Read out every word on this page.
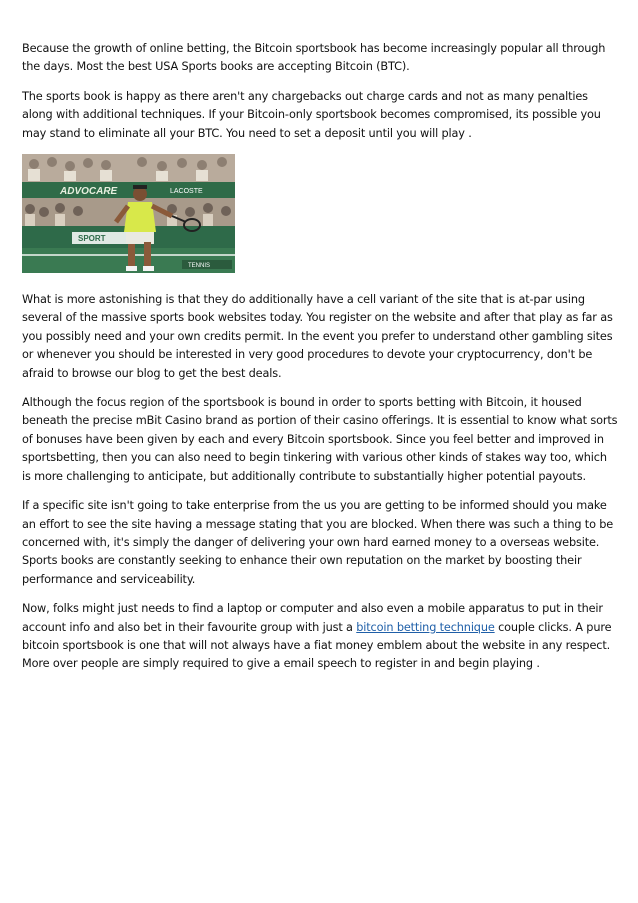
Because the growth of online betting, the Bitcoin sportsbook has become increasingly popular all through the days. Most the best USA Sports books are accepting Bitcoin (BTC).

The sports book is happy as there aren't any chargebacks out charge cards and not as many penalties along with additional techniques. If your Bitcoin-only sportsbook becomes compromised, its possible you may stand to eliminate all your BTC. You need to set a deposit until you will play .

ADVOCARE	LACOSTE
SPORT
TENNIS

What is more astonishing is that they do additionally have a cell variant of the site that is at-par using several of the massive sports book websites today. You register on the website and after that play as far as you possibly need and your own credits permit. In the event you prefer to understand other gambling sites or whenever you should be interested in very good procedures to devote your cryptocurrency, don't be afraid to browse our blog to get the best deals.

Although the focus region of the sportsbook is bound in order to sports betting with Bitcoin, it housed beneath the precise mBit Casino brand as portion of their casino offerings. It is essential to know what sorts of bonuses have been given by each and every Bitcoin sportsbook. Since you feel better and improved in sportsbetting, then you can also need to begin tinkering with various other kinds of stakes way too, which is more challenging to anticipate, but additionally contribute to substantially higher potential payouts.

If a specific site isn't going to take enterprise from the us you are getting to be informed should you make an effort to see the site having a message stating that you are blocked. When there was such a thing to be concerned with, it's simply the danger of delivering your own hard earned money to a overseas website. Sports books are constantly seeking to enhance their own reputation on the market by boosting their performance and serviceability.

Now, folks might just needs to find a laptop or computer and also even a mobile apparatus to put in their account info and also bet in their favourite group with just a bitcoin betting technique couple clicks. A pure bitcoin sportsbook is one that will not always have a fiat money emblem about the website in any respect. More over people are simply required to give a email speech to register in and begin playing .
